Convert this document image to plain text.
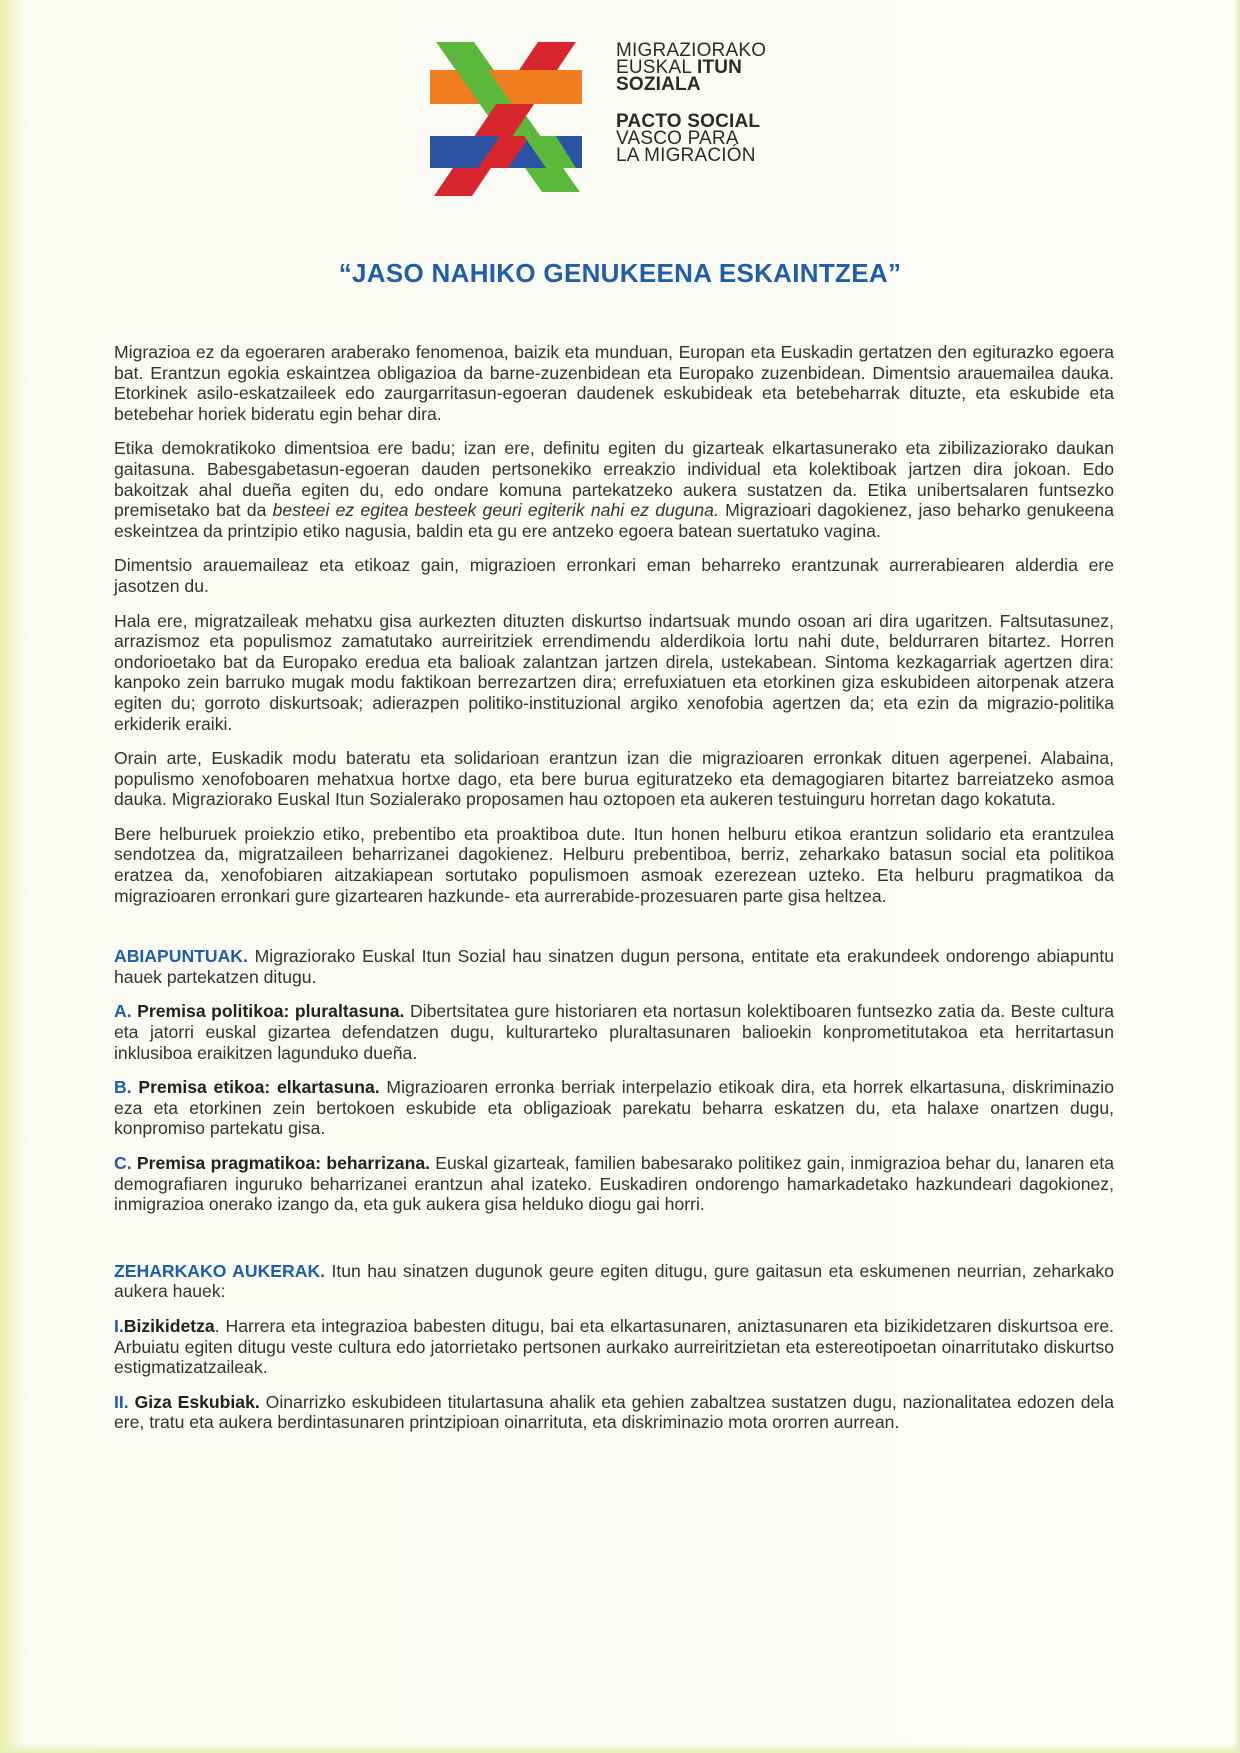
MIGRAZIORAKO
EUSKAL ITUN
SOZIALA
PACTO SOCIAL
VASCO PARA
LA MIGRACIÓN
“JASO NAHIKO GENUKEENA ESKAINTZEA”

Migrazioa ez da egoeraren araberako fenomenoa, baizik eta munduan, Europan eta Euskadin gertatzen den egiturazko egoera bat. Erantzun egokia eskaintzea obligazioa da barne-zuzenbidean eta Europako zuzenbidean. Dimentsio arauemailea dauka. Etorkinek asilo-eskatzaileek edo zaurgarritasun-egoeran daudenek eskubideak eta betebeharrak dituzte, eta eskubide eta betebehar horiek bideratu egin behar dira.

Etika demokratikoko dimentsioa ere badu; izan ere, definitu egiten du gizarteak elkartasunerako eta zibilizaziorako daukan gaitasuna. Babesgabetasun-egoeran dauden pertsonekiko erreakzio individual eta kolektiboak jartzen dira jokoan. Edo bakoitzak ahal dueña egiten du, edo ondare komuna partekatzeko aukera sustatzen da. Etika unibertsalaren funtsezko premisetako bat da besteei ez egitea besteek geuri egiterik nahi ez duguna. Migrazioari dagokienez, jaso beharko genukeena eskeintzea da printzipio etiko nagusia, baldin eta gu ere antzeko egoera batean suertatuko vagina.

Dimentsio arauemaileaz eta etikoaz gain, migrazioen erronkari eman beharreko erantzunak aurrerabiearen alderdia ere jasotzen du.

Hala ere, migratzaileak mehatxu gisa aurkezten dituzten diskurtso indartsuak mundo osoan ari dira ugaritzen. Faltsutasunez, arrazismoz eta populismoz zamatutako aurreiritziek errendimendu alderdikoia lortu nahi dute, beldurraren bitartez. Horren ondorioetako bat da Europako eredua eta balioak zalantzan jartzen direla, ustekabean. Sintoma kezkagarriak agertzen dira: kanpoko zein barruko mugak modu faktikoan berrezartzen dira; errefuxiatuen eta etorkinen giza eskubideen aitorpenak atzera egiten du; gorroto diskurtsoak; adierazpen politiko-instituzional argiko xenofobia agertzen da; eta ezin da migrazio-politika erkiderik eraiki.

Orain arte, Euskadik modu bateratu eta solidarioan erantzun izan die migrazioaren erronkak dituen agerpenei. Alabaina, populismo xenofoboaren mehatxua hortxe dago, eta bere burua egituratzeko eta demagogiaren bitartez barreiatzeko asmoa dauka. Migraziorako Euskal Itun Sozialerako proposamen hau oztopoen eta aukeren testuinguru horretan dago kokatuta.

Bere helburuek proiekzio etiko, prebentibo eta proaktiboa dute. Itun honen helburu etikoa erantzun solidario eta erantzulea sendotzea da, migratzaileen beharrizanei dagokienez. Helburu prebentiboa, berriz, zeharkako batasun social eta politikoa eratzea da, xenofobiaren aitzakiapean sortutako populismoen asmoak ezerezean uzteko. Eta helburu pragmatikoa da migrazioaren erronkari gure gizartearen hazkunde- eta aurrerabide-prozesuaren parte gisa heltzea.

ABIAPUNTUAK. Migraziorako Euskal Itun Sozial hau sinatzen dugun persona, entitate eta erakundeek ondorengo abiapuntu hauek partekatzen ditugu.

A. Premisa politikoa: pluraltasuna. Dibertsitatea gure historiaren eta nortasun kolektiboaren funtsezko zatia da. Beste cultura eta jatorri euskal gizartea defendatzen dugu, kulturarteko pluraltasunaren balioekin konprometitutakoa eta herritartasun inklusiboa eraikitzen lagunduko dueña.

B. Premisa etikoa: elkartasuna. Migrazioaren erronka berriak interpelazio etikoak dira, eta horrek elkartasuna, diskriminazio eza eta etorkinen zein bertokoen eskubide eta obligazioak parekatu beharra eskatzen du, eta halaxe onartzen dugu, konpromiso partekatu gisa.

C. Premisa pragmatikoa: beharrizana. Euskal gizarteak, familien babesarako politikez gain, inmigrazioa behar du, lanaren eta demografiaren inguruko beharrizanei erantzun ahal izateko. Euskadiren ondorengo hamarkadetako hazkundeari dagokionez, inmigrazioa onerako izango da, eta guk aukera gisa helduko diogu gai horri.

ZEHARKAKO AUKERAK. Itun hau sinatzen dugunok geure egiten ditugu, gure gaitasun eta eskumenen neurrian, zeharkako aukera hauek:

I.Bizikidetza. Harrera eta integrazioa babesten ditugu, bai eta elkartasunaren, aniztasunaren eta bizikidetzaren diskurtsoa ere. Arbuiatu egiten ditugu veste cultura edo jatorrietako pertsonen aurkako aurreiritzietan eta estereotipoetan oinarritutako diskurtso estigmatizatzaileak.

II. Giza Eskubiak. Oinarrizko eskubideen titulartasuna ahalik eta gehien zabaltzea sustatzen dugu, nazionalitatea edozen dela ere, tratu eta aukera berdintasunaren printzipioan oinarrituta, eta diskriminazio mota ororren aurrean.
